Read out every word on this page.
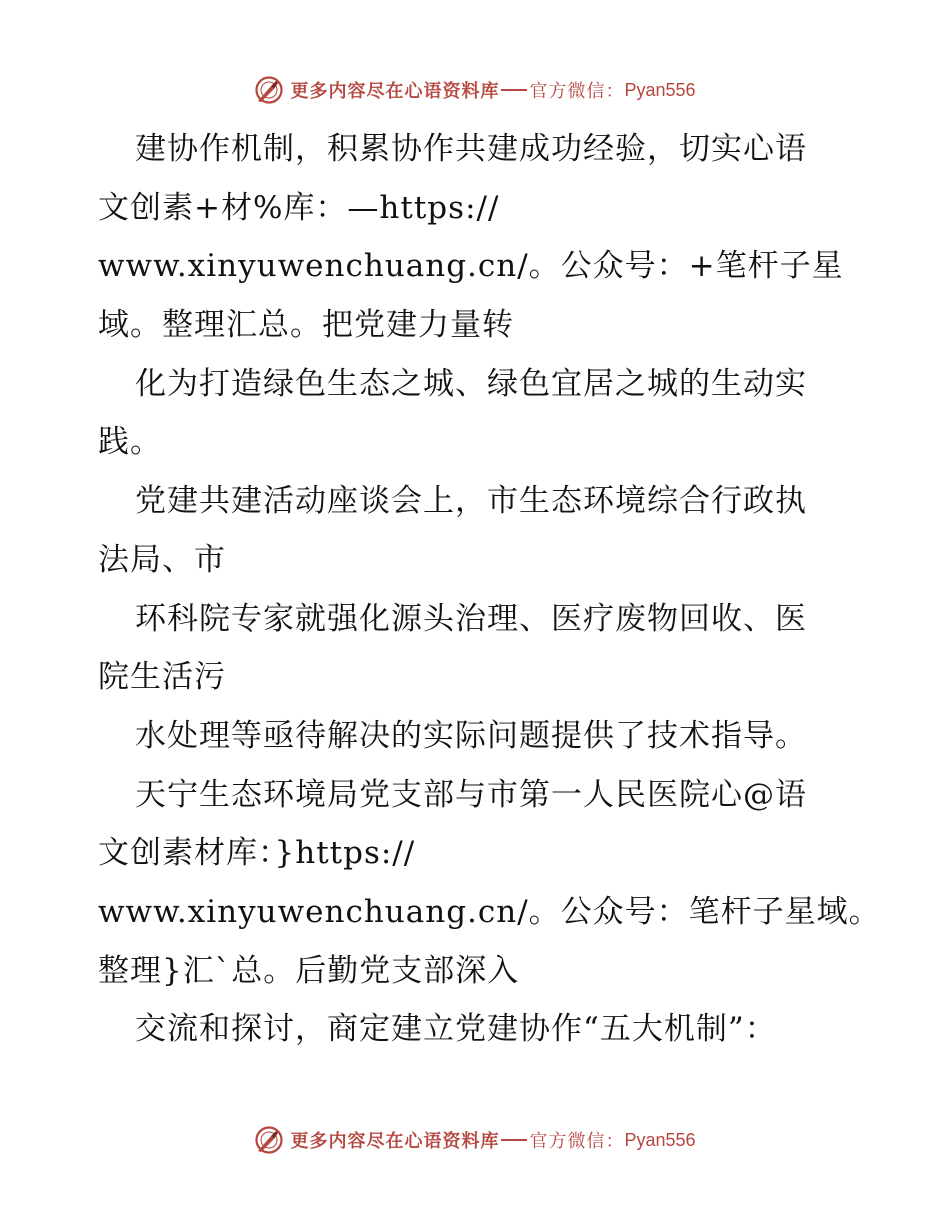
更多内容尽在心语资料库 官方微信： Pyan556
建协作机制，积累协作共建成功经验，切实心语
文创素+材%库：—https://
www.xinyuwenchuang.cn/。公众号：+笔杆子星
域。整理汇总。把党建力量转
化为打造绿色生态之城、绿色宜居之城的生动实
践。
党建共建活动座谈会上，市生态环境综合行政执
法局、市
环科院专家就强化源头治理、医疗废物回收、医
院生活污
水处理等亟待解决的实际问题提供了技术指导。
天宁生态环境局党支部与市第一人民医院心@语
文创素材库：}https://
www.xinyuwenchuang.cn/。公众号：笔杆子星域。
整理}汇`总。后勤党支部深入
交流和探讨，商定建立党建协作“五大机制”：
更多内容尽在心语资料库 官方微信： Pyan556
